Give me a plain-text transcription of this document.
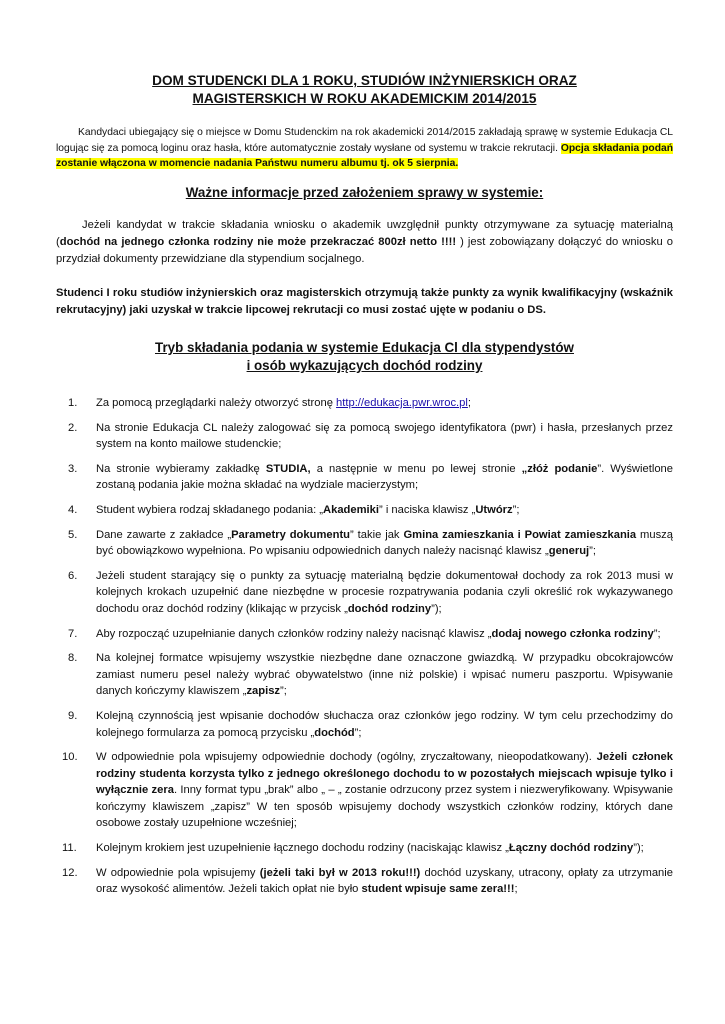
DOM STUDENCKI DLA 1 ROKU, STUDIÓW INŻYNIERSKICH ORAZ
MAGISTERSKICH W ROKU AKADEMICKIM 2014/2015
Kandydaci ubiegający się o miejsce w Domu Studenckim na rok akademicki 2014/2015 zakładają sprawę w systemie Edukacja CL logując się za pomocą loginu oraz hasła, które automatycznie zostały wysłane od systemu w trakcie rekrutacji. Opcja składania podań zostanie włączona w momencie nadania Państwu numeru albumu tj. ok 5 sierpnia.
Ważne informacje przed założeniem sprawy w systemie:
Jeżeli kandydat w trakcie składania wniosku o akademik uwzględnił punkty otrzymywane za sytuację materialną (dochód na jednego członka rodziny nie może przekraczać 800zł netto !!!! ) jest zobowiązany dołączyć do wniosku o przydział dokumenty przewidziane dla stypendium socjalnego.
Studenci I roku studiów inżynierskich oraz magisterskich otrzymują także punkty za wynik kwalifikacyjny (wskaźnik rekrutacyjny) jaki uzyskał w trakcie lipcowej rekrutacji co musi zostać ujęte w podaniu o DS.
Tryb składania podania w systemie Edukacja Cl dla stypendystów
i osób wykazujących dochód rodziny
1. Za pomocą przeglądarki należy otworzyć stronę http://edukacja.pwr.wroc.pl;
2. Na stronie Edukacja CL należy zalogować się za pomocą swojego identyfikatora (pwr) i hasła, przesłanych przez system na konto mailowe studenckie;
3. Na stronie wybieramy zakładkę STUDIA, a następnie w menu po lewej stronie „złóż podanie”. Wyświetlone zostaną podania jakie można składać na wydziale macierzystym;
4. Student wybiera rodzaj składanego podania: „Akademiki” i naciska klawisz „Utwórz”;
5. Dane zawarte z zakładce „Parametry dokumentu” takie jak Gmina zamieszkania i Powiat zamieszkania muszą być obowiązkowo wypełniona. Po wpisaniu odpowiednich danych należy nacisnąć klawisz „generuj”;
6. Jeżeli student starający się o punkty za sytuację materialną będzie dokumentował dochody za rok 2013 musi w kolejnych krokach uzupełnić dane niezbędne w procesie rozpatrywania podania czyli określić rok wykazywanego dochodu oraz dochód rodziny (klikając w przycisk „dochód rodziny”);
7. Aby rozpocząć uzupełnianie danych członków rodziny należy nacisnąć klawisz „dodaj nowego członka rodziny”;
8. Na kolejnej formatce wpisujemy wszystkie niezbędne dane oznaczone gwiazdką. W przypadku obcokrajowców zamiast numeru pesel należy wybrać obywatelstwo (inne niż polskie) i wpisać numeru paszportu. Wpisywanie danych kończymy klawiszem „zapisz”;
9. Kolejną czynnością jest wpisanie dochodów słuchacza oraz członków jego rodziny. W tym celu przechodzimy do kolejnego formularza za pomocą przycisku „dochód”;
10. W odpowiednie pola wpisujemy odpowiednie dochody (ogólny, zryczałtowany, nieopodatkowany). Jeżeli członek rodziny studenta korzysta tylko z jednego określonego dochodu to w pozostałych miejscach wpisuje tylko i wyłącznie zera. Inny format typu „brak” albo „ – „ zostanie odrzucony przez system i niezweryfikowany. Wpisywanie kończymy klawiszem „zapisz” W ten sposób wpisujemy dochody wszystkich członków rodziny, których dane osobowe zostały uzupełnione wcześniej;
11. Kolejnym krokiem jest uzupełnienie łącznego dochodu rodziny (naciskając klawisz „Łączny dochód rodziny”);
12. W odpowiednie pola wpisujemy (jeżeli taki był w 2013 roku!!!) dochód uzyskany, utracony, opłaty za utrzymanie oraz wysokość alimentów. Jeżeli takich opłat nie było student wpisuje same zera!!!;
